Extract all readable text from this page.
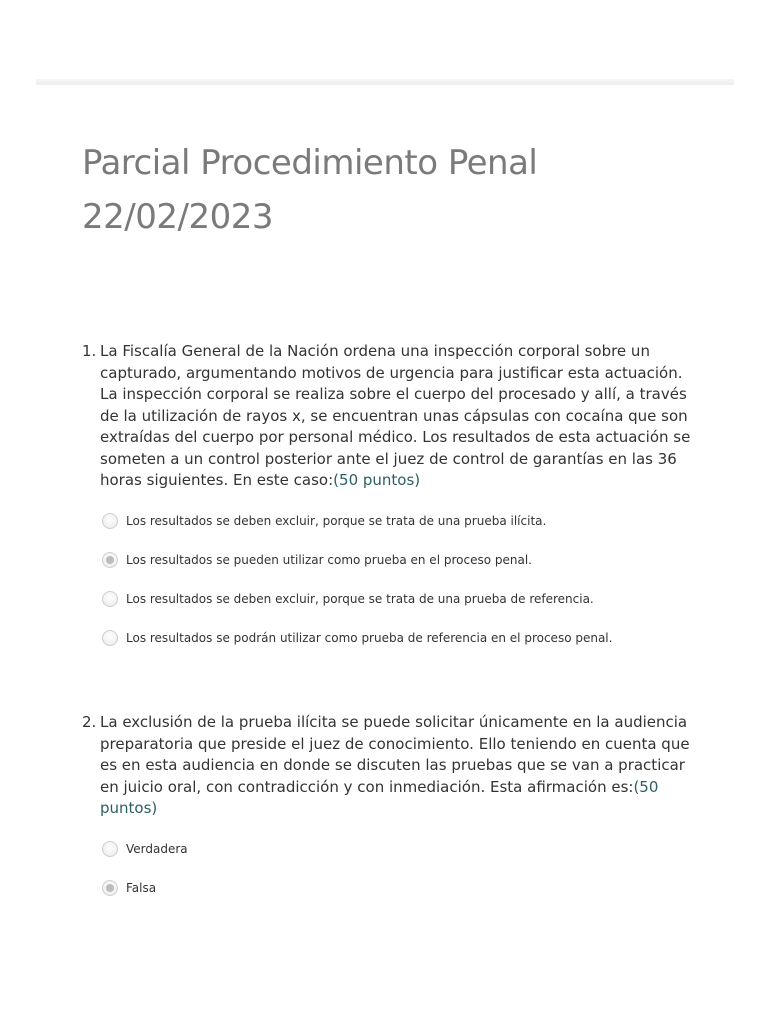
Parcial Procedimiento Penal
22/02/2023
1. La Fiscalía General de la Nación ordena una inspección corporal sobre un capturado, argumentando motivos de urgencia para justificar esta actuación. La inspección corporal se realiza sobre el cuerpo del procesado y allí, a través de la utilización de rayos x, se encuentran unas cápsulas con cocaína que son extraídas del cuerpo por personal médico. Los resultados de esta actuación se someten a un control posterior ante el juez de control de garantías en las 36 horas siguientes. En este caso:(50 puntos)
Los resultados se deben excluir, porque se trata de una prueba ilícita.
Los resultados se pueden utilizar como prueba en el proceso penal.
Los resultados se deben excluir, porque se trata de una prueba de referencia.
Los resultados se podrán utilizar como prueba de referencia en el proceso penal.
2. La exclusión de la prueba ilícita se puede solicitar únicamente en la audiencia preparatoria que preside el juez de conocimiento. Ello teniendo en cuenta que es en esta audiencia en donde se discuten las pruebas que se van a practicar en juicio oral, con contradicción y con inmediación. Esta afirmación es:(50 puntos)
Verdadera
Falsa
